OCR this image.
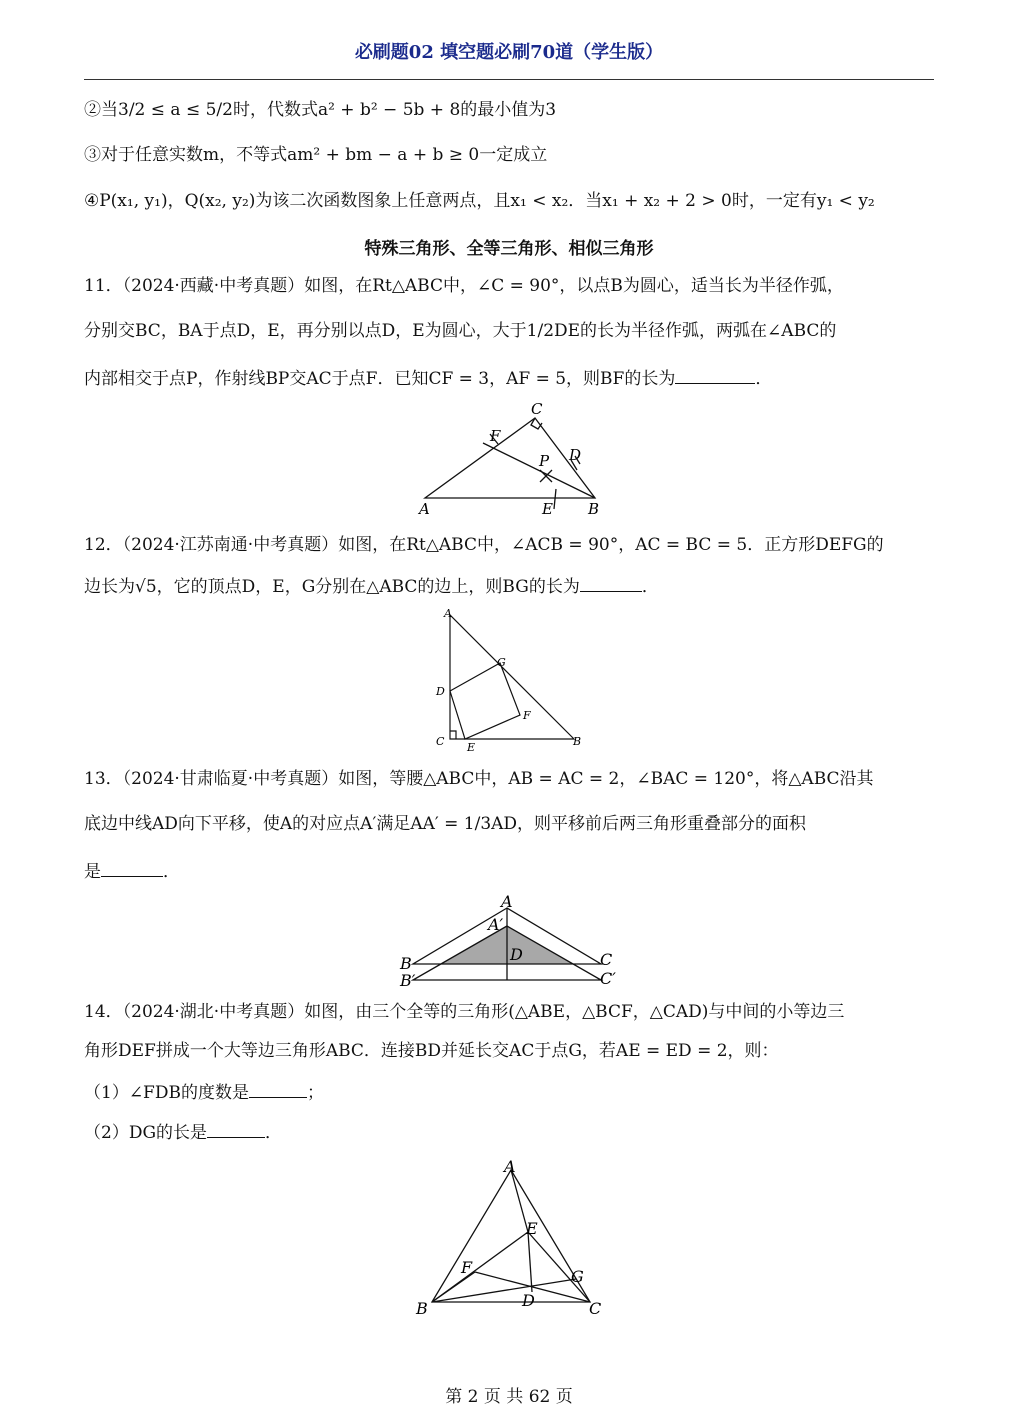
必刷题02 填空题必刷70道（学生版）
②当3/2 ≤ a ≤ 5/2时，代数式a² + b² − 5b + 8的最小值为3
③对于任意实数m，不等式am² + bm − a + b ≥ 0一定成立
④P(x₁, y₁)，Q(x₂, y₂)为该二次函数图象上任意两点，且x₁ < x₂．当x₁ + x₂ + 2 > 0时，一定有y₁ < y₂
特殊三角形、全等三角形、相似三角形
11．（2024·西藏·中考真题）如图，在Rt△ABC中，∠C = 90°，以点B为圆心，适当长为半径作弧，
分别交BC，BA于点D，E，再分别以点D，E为圆心，大于1/2DE的长为半径作弧，两弧在∠ABC的
内部相交于点P，作射线BP交AC于点F．已知CF = 3，AF = 5，则BF的长为	．
A	B
C
D
E
F
P
12．（2024·江苏南通·中考真题）如图，在Rt△ABC中，∠ACB = 90°，AC = BC = 5．正方形DEFG的
边长为√5，它的顶点D，E，G分别在△ABC的边上，则BG的长为	．
A
B
C
D
E
F
G
13．（2024·甘肃临夏·中考真题）如图，等腰△ABC中，AB = AC = 2，∠BAC = 120°，将△ABC沿其
底边中线AD向下平移，使A的对应点A′满足AA′ = 1/3AD，则平移前后两三角形重叠部分的面积
是	．
A
A′
B
B′
C
C′
D
14．（2024·湖北·中考真题）如图，由三个全等的三角形(△ABE，△BCF，△CAD)与中间的小等边三
角形DEF拼成一个大等边三角形ABC．连接BD并延长交AC于点G，若AE = ED = 2，则：
（1）∠FDB的度数是	；
（2）DG的长是	．
A
B	C
D
E
F	G
第 2 页 共 62 页
